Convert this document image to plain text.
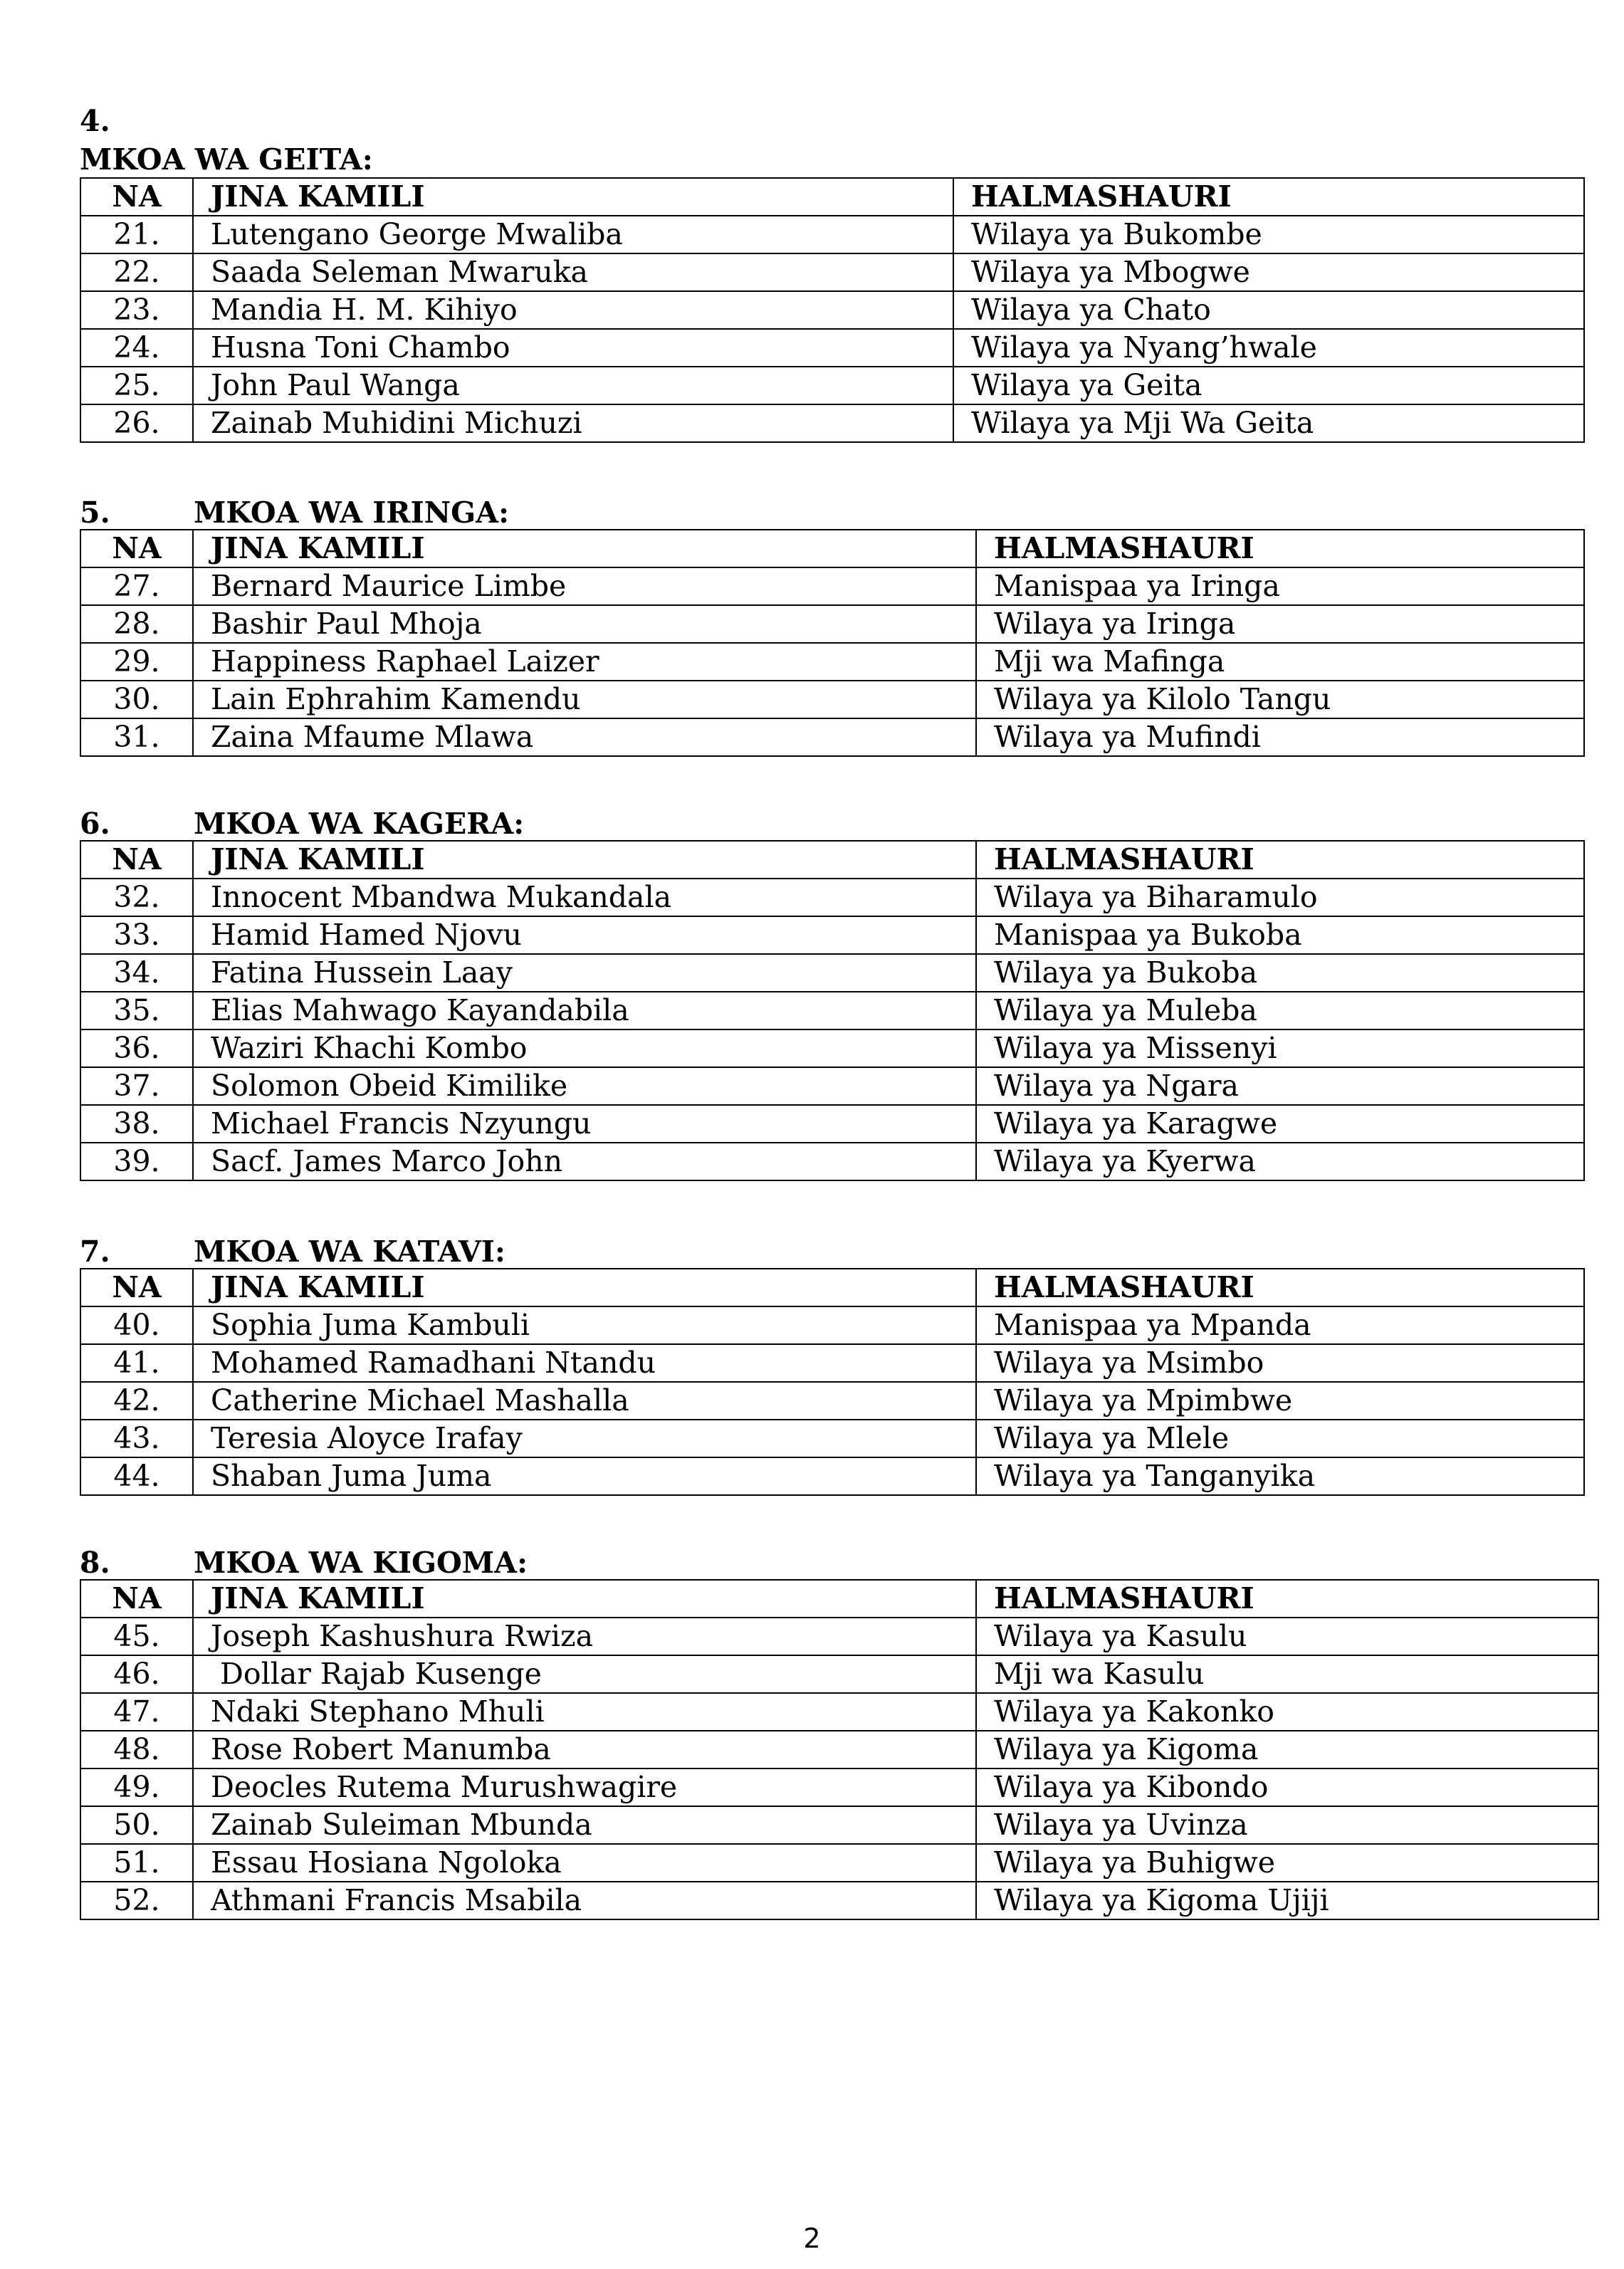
4.
MKOA WA GEITA:
NA	JINA KAMILI	HALMASHAURI
21.	Lutengano George Mwaliba	Wilaya ya Bukombe
22.	Saada Seleman Mwaruka	Wilaya ya Mbogwe
23.	Mandia H. M. Kihiyo	Wilaya ya Chato
24.	Husna Toni Chambo	Wilaya ya Nyang’hwale
25.	John Paul Wanga	Wilaya ya Geita
26.	Zainab Muhidini Michuzi	Wilaya ya Mji Wa Geita
5.	MKOA WA IRINGA:
NA	JINA KAMILI	HALMASHAURI
27.	Bernard Maurice Limbe	Manispaa ya Iringa
28.	Bashir Paul Mhoja	Wilaya ya Iringa
29.	Happiness Raphael Laizer	Mji wa Mafinga
30.	Lain Ephrahim Kamendu	Wilaya ya Kilolo Tangu
31.	Zaina Mfaume Mlawa	Wilaya ya Mufindi
6.	MKOA WA KAGERA:
NA	JINA KAMILI	HALMASHAURI
32.	Innocent Mbandwa Mukandala	Wilaya ya Biharamulo
33.	Hamid Hamed Njovu	Manispaa ya Bukoba
34.	Fatina Hussein Laay	Wilaya ya Bukoba
35.	Elias Mahwago Kayandabila	Wilaya ya Muleba
36.	Waziri Khachi Kombo	Wilaya ya Missenyi
37.	Solomon Obeid Kimilike	Wilaya ya Ngara
38.	Michael Francis Nzyungu	Wilaya ya Karagwe
39.	Sacf. James Marco John	Wilaya ya Kyerwa
7.	MKOA WA KATAVI:
NA	JINA KAMILI	HALMASHAURI
40.	Sophia Juma Kambuli	Manispaa ya Mpanda
41.	Mohamed Ramadhani Ntandu	Wilaya ya Msimbo
42.	Catherine Michael Mashalla	Wilaya ya Mpimbwe
43.	Teresia Aloyce Irafay	Wilaya ya Mlele
44.	Shaban Juma Juma	Wilaya ya Tanganyika
8.	MKOA WA KIGOMA:
NA	JINA KAMILI	HALMASHAURI
45.	Joseph Kashushura Rwiza	Wilaya ya Kasulu
46.	Dollar Rajab Kusenge	Mji wa Kasulu
47.	Ndaki Stephano Mhuli	Wilaya ya Kakonko
48.	Rose Robert Manumba	Wilaya ya Kigoma
49.	Deocles Rutema Murushwagire	Wilaya ya Kibondo
50.	Zainab Suleiman Mbunda	Wilaya ya Uvinza
51.	Essau Hosiana Ngoloka	Wilaya ya Buhigwe
52.	Athmani Francis Msabila	Wilaya ya Kigoma Ujiji
2
